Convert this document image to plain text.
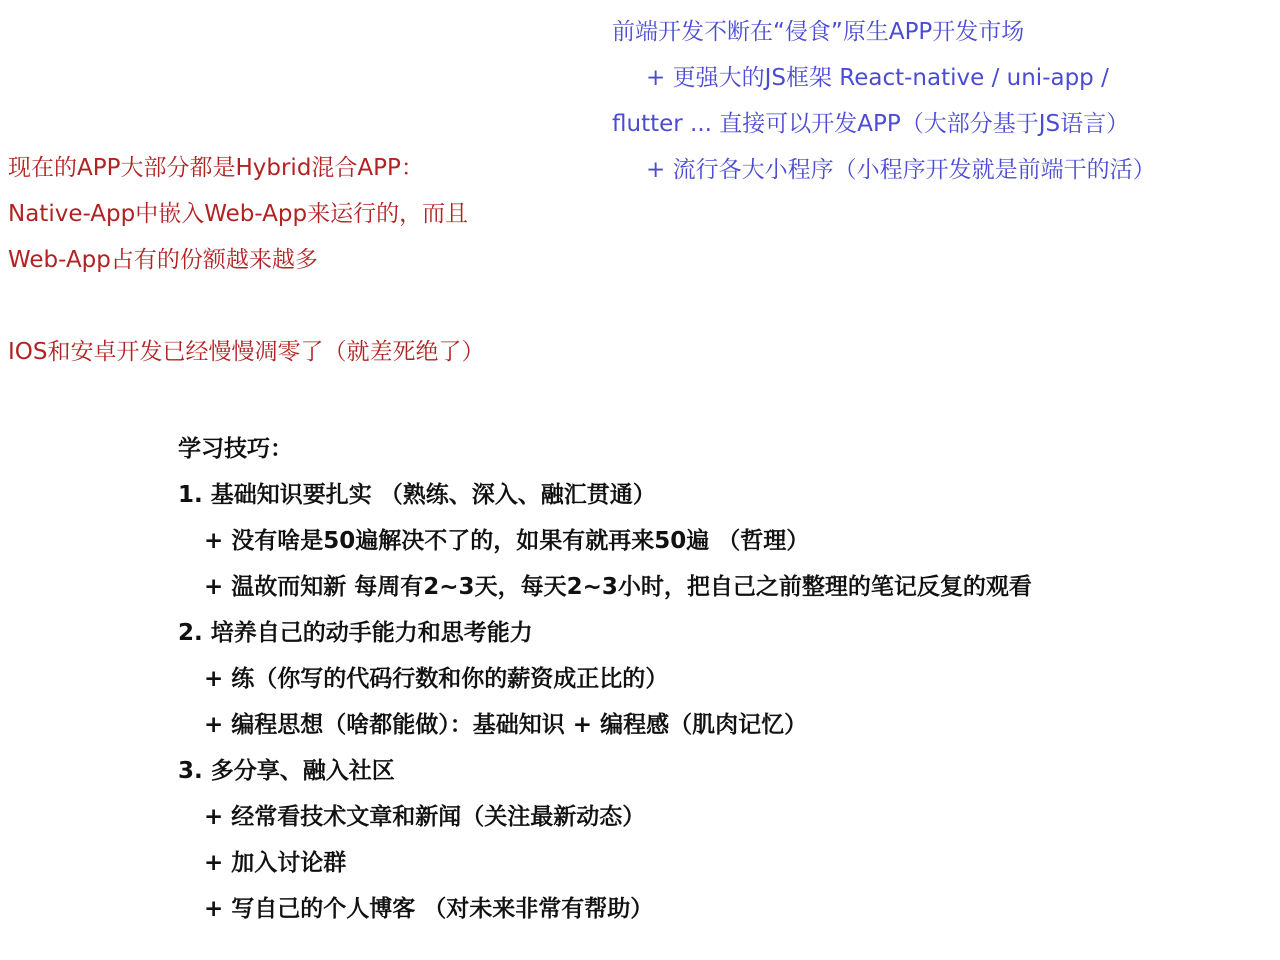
前端开发不断在“侵食”原生APP开发市场
+ 更强大的JS框架 React-native / uni-app /
flutter ... 直接可以开发APP（大部分基于JS语言）
+ 流行各大小程序（小程序开发就是前端干的活）
现在的APP大部分都是Hybrid混合APP：
Native-App中嵌入Web-App来运行的，而且
Web-App占有的份额越来越多
IOS和安卓开发已经慢慢凋零了（就差死绝了）
学习技巧：
1. 基础知识要扎实 （熟练、深入、融汇贯通）
+ 没有啥是50遍解决不了的，如果有就再来50遍 （哲理）
+ 温故而知新 每周有2~3天，每天2~3小时，把自己之前整理的笔记反复的观看
2. 培养自己的动手能力和思考能力
+ 练（你写的代码行数和你的薪资成正比的）
+ 编程思想（啥都能做）：基础知识 + 编程感（肌肉记忆）
3. 多分享、融入社区
+ 经常看技术文章和新闻（关注最新动态）
+ 加入讨论群
+ 写自己的个人博客 （对未来非常有帮助）
